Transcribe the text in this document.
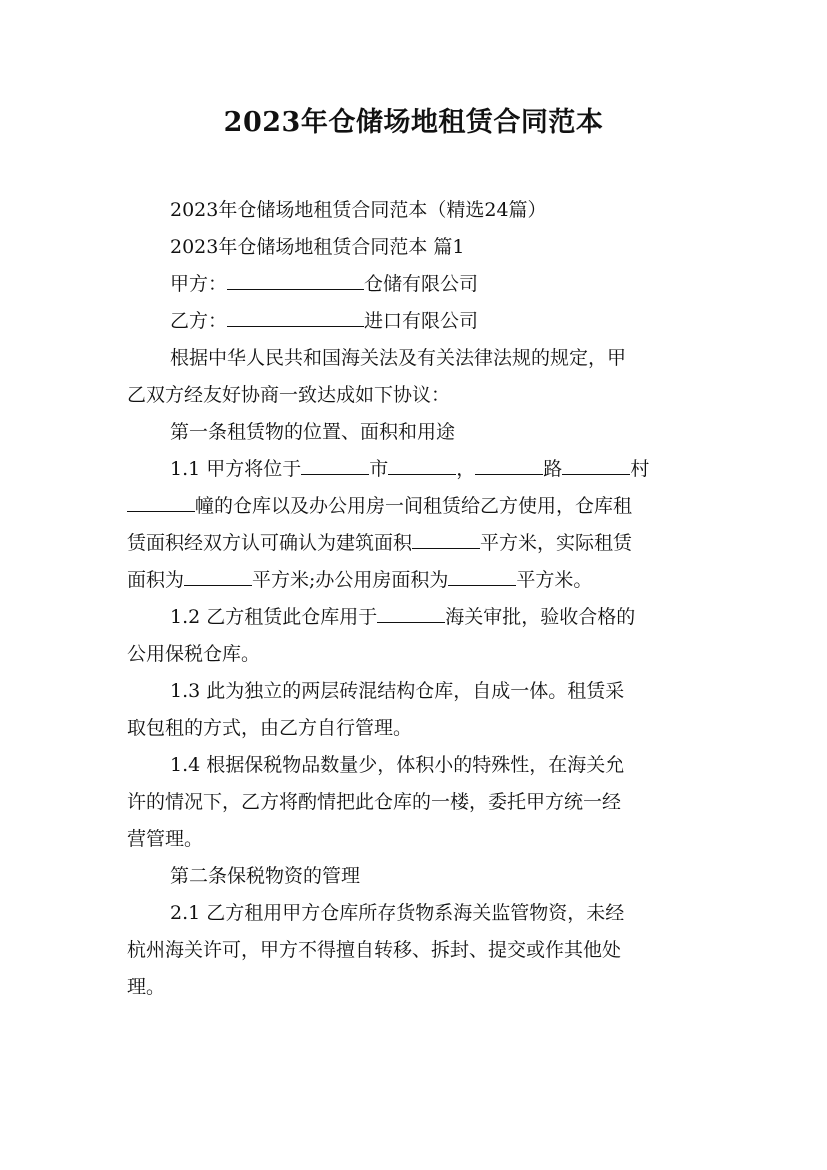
2023年仓储场地租赁合同范本
2023年仓储场地租赁合同范本（精选24篇）
2023年仓储场地租赁合同范本 篇1
甲方：	仓储有限公司
乙方：	进口有限公司
根据中华人民共和国海关法及有关法律法规的规定，甲
乙双方经友好协商一致达成如下协议：
第一条租赁物的位置、面积和用途
1.1 甲方将位于	市	，	路	村
幢的仓库以及办公用房一间租赁给乙方使用，仓库租
赁面积经双方认可确认为建筑面积	平方米，实际租赁
面积为	平方米;办公用房面积为	平方米。
1.2 乙方租赁此仓库用于	海关审批，验收合格的
公用保税仓库。
1.3 此为独立的两层砖混结构仓库，自成一体。租赁采
取包租的方式，由乙方自行管理。
1.4 根据保税物品数量少，体积小的特殊性，在海关允
许的情况下，乙方将酌情把此仓库的一楼，委托甲方统一经
营管理。
第二条保税物资的管理
2.1 乙方租用甲方仓库所存货物系海关监管物资，未经
杭州海关许可，甲方不得擅自转移、拆封、提交或作其他处
理。
